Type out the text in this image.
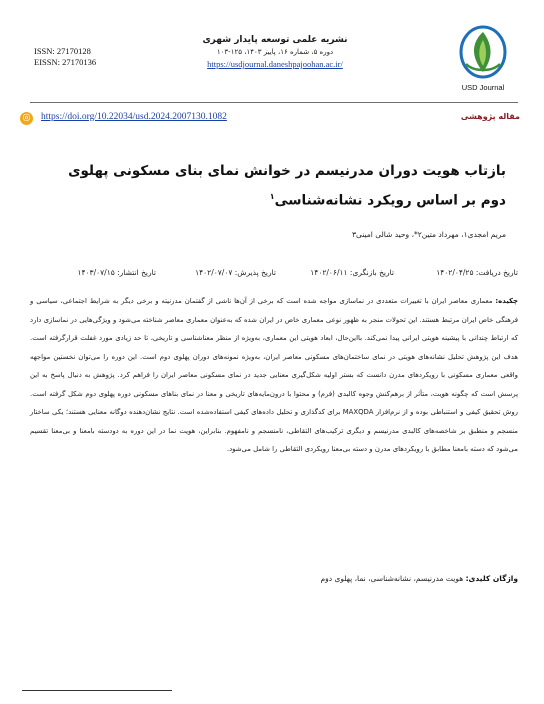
ISSN: 27170128
EISSN: 27170136
نشریه علمی توسعه پایدار شهری
دوره ۵، شماره ۱۶، پاییز ۱۴۰۳، ۱۲۵-۱۰۳
https://usdjournal.daneshpajoohan.ac.ir/
USD Journal
ⓞ	https://doi.org/10.22034/usd.2024.2007130.1082	مقاله پژوهشی
بازتاب هویت دوران مدرنیسم در خوانش نمای بنای مسکونی پهلوی دوم بر اساس رویکرد نشانه‌شناسی$^۱$
مریم امجدی۱، مهرداد متین۲*، وحید شالی امینی۳
تاریخ دریافت: ۱۴۰۲/۰۴/۲۵
تاریخ بازنگری: ۱۴۰۲/۰۶/۱۱
تاریخ پذیرش: ۱۴۰۲/۰۷/۰۷
تاریخ انتشار: ۱۴۰۳/۰۷/۱۵
چکیده: معماری معاصر ایران با تغییرات متعددی در نماسازی مواجه شده است که برخی از آن‌ها ناشی از گفتمان مدرنیته و برخی دیگر به شرایط اجتماعی، سیاسی و فرهنگی خاص ایران مرتبط هستند. این تحولات منجر به ظهور نوعی معماری خاص در ایران شده که به‌عنوان معماری معاصر شناخته می‌شود و ویژگی‌هایی در نماسازی دارد که ارتباط چندانی با پیشینه هویتی ایرانی پیدا نمی‌کند. بااین‌حال، ابعاد هویتی این معماری، به‌ویژه از منظر معناشناسی و تاریخی، تا حد زیادی مورد غفلت قرارگرفته است. هدف این پژوهش تحلیل نشانه‌های هویتی در نمای ساختمان‌های مسکونی معاصر ایران، به‌ویژه نمونه‌های دوران پهلوی دوم است. این دوره را می‌توان نخستین مواجهه واقعی معماری مسکونی با رویکردهای مدرن دانست که بستر اولیه شکل‌گیری معنایی جدید در نمای مسکونی معاصر ایران را فراهم کرد. پژوهش به دنبال پاسخ به این پرسش است که چگونه هویت، متأثر از برهم‌کنش وجوه کالبدی (فرم) و محتوا با درون‌مایه‌های تاریخی و معنا در نمای بناهای مسکونی دوره پهلوی دوم شکل گرفته است. روش تحقیق کیفی و استنباطی بوده و از نرم‌افزار MAXQDA برای کدگذاری و تحلیل داده‌های کیفی استفاده‌شده است. نتایج نشان‌دهنده دوگانه معنایی هستند؛ یکی ساختار منسجم و منطبق بر شاخصه‌های کالبدی مدرنیسم و دیگری ترکیب‌های التقاطی، نامنسجم و نامفهوم. بنابراین، هویت نما در این دوره به دودسته بامعنا و بی‌معنا تقسیم می‌شود که دسته بامعنا مطابق با رویکردهای مدرن و دسته بی‌معنا رویکردی التقاطی را شامل می‌شود.
واژگان کلیدی: هویت مدرنیسم، نشانه‌شناسی، نما، پهلوی دوم
